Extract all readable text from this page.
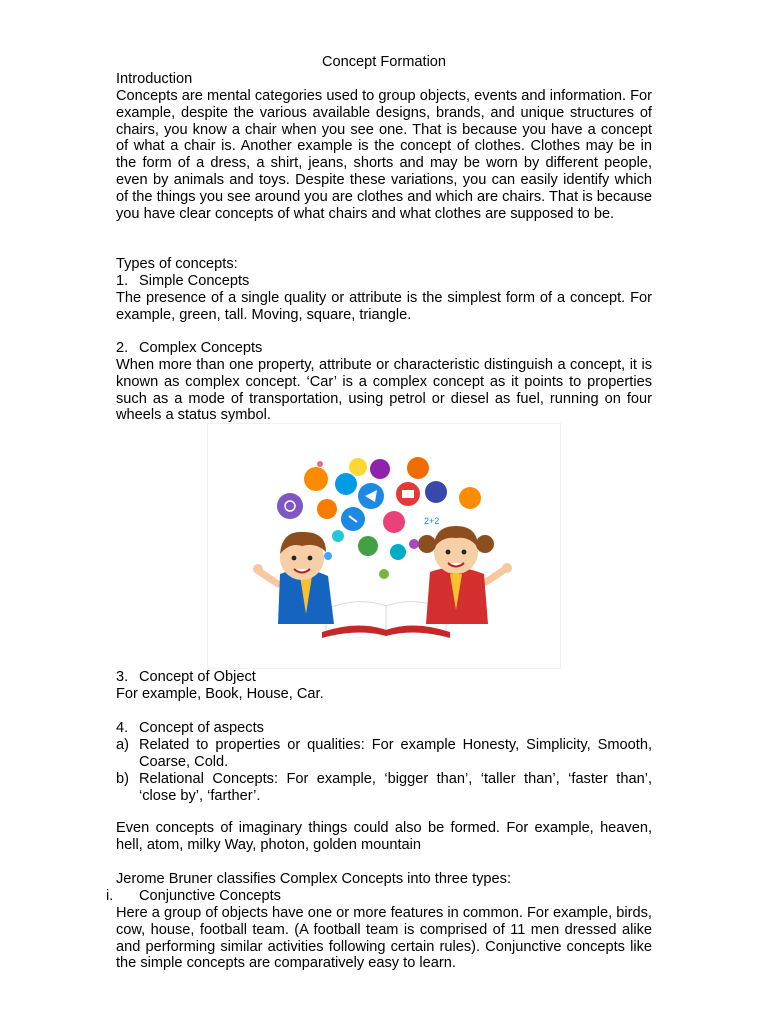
Concept Formation
Introduction
Concepts are mental categories used to group objects, events and information. For example, despite the various available designs, brands, and unique structures of chairs, you know a chair when you see one. That is because you have a concept of what a chair is. Another example is the concept of clothes. Clothes may be in the form of a dress, a shirt, jeans, shorts and may be worn by different people, even by animals and toys. Despite these variations, you can easily identify which of the things you see around you are clothes and which are chairs. That is because you have clear concepts of what chairs and what clothes are supposed to be.
Types of concepts:
1. Simple Concepts
The presence of a single quality or attribute is the simplest form of a concept. For example, green, tall. Moving, square, triangle.
2. Complex Concepts
When more than one property, attribute or characteristic distinguish a concept, it is known as complex concept. ‘Car’ is a complex concept as it points to properties such as a mode of transportation, using petrol or diesel as fuel, running on four wheels a status symbol.
2+2
3. Concept of Object
For example, Book, House, Car.
4. Concept of aspects
a) Related to properties or qualities: For example Honesty, Simplicity, Smooth, Coarse, Cold.
b) Relational Concepts: For example, ‘bigger than’, ‘taller than’, ‘faster than’, ‘close by’, ‘farther’.
Even concepts of imaginary things could also be formed. For example, heaven, hell, atom, milky Way, photon, golden mountain
Jerome Bruner classifies Complex Concepts into three types:
i. Conjunctive Concepts
Here a group of objects have one or more features in common. For example, birds, cow, house, football team. (A football team is comprised of 11 men dressed alike and performing similar activities following certain rules). Conjunctive concepts like the simple concepts are comparatively easy to learn.
